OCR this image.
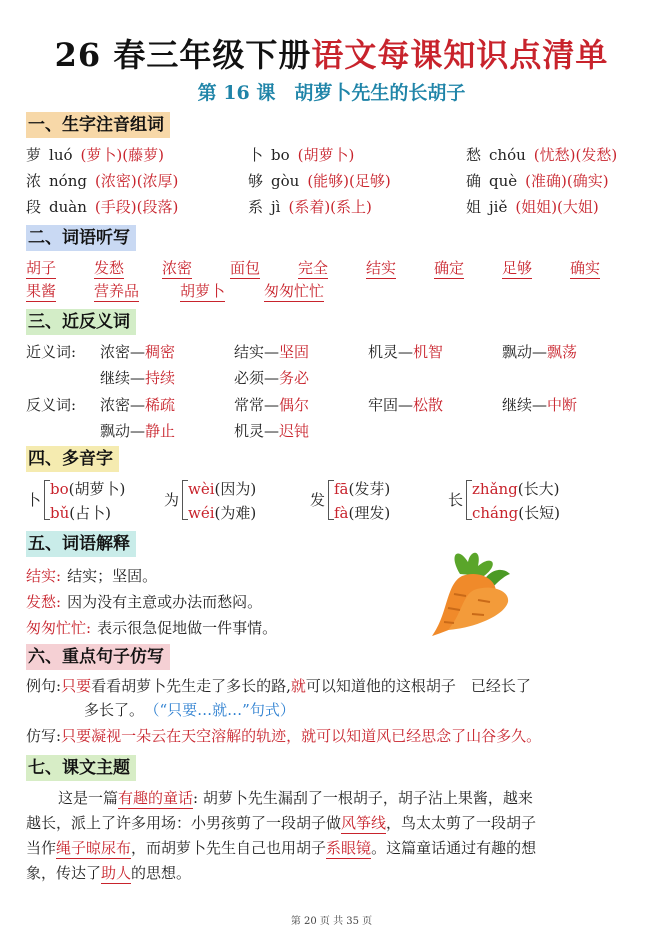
26 春三年级下册语文每课知识点清单
第 16 课　胡萝卜先生的长胡子
一、生字注音组词
二、词语听写
三、近反义词
近义词:
反义词:
四、多音字
五、词语解释
六、重点句子仿写
例句:只要看看胡萝卜先生走了多长的路,就可以知道他的这根胡子　已经长了
多长了。 （“只要…就…”句式）
仿写:只要凝视一朵云在天空溶解的轨迹，就可以知道风已经思念了山谷多久。
七、课文主题
这是一篇有趣的童话: 胡萝卜先生漏刮了一根胡子，胡子沾上果酱，越来
越长，派上了许多用场：小男孩剪了一段胡子做风筝线，鸟太太剪了一段胡子
当作绳子晾尿布，而胡萝卜先生自己也用胡子系眼镜。这篇童话通过有趣的想
象，传达了助人的思想。
第 20 页 共 35 页
萝 luó (萝卜)(藤萝)	卜 bo (胡萝卜)	愁 chóu (忧愁)(发愁)
浓 nóng (浓密)(浓厚)	够 gòu (能够)(足够)	确 què (准确)(确实)
段 duàn (手段)(段落)	系 jì (系着)(系上)	姐 jiě (姐姐)(大姐)
胡子	发愁	浓密	面包	完全	结实	确定	足够	确实
果酱	营养品	胡萝卜	匆匆忙忙
浓密—稠密	结实—坚固	机灵—机智	飘动—飘荡
继续—持续	必须—务必
浓密—稀疏	常常—偶尔	牢固—松散	继续—中断
飘动—静止	机灵—迟钝
卜
bo(胡萝卜)
bǔ(占卜)
为
wèi(因为)
wéi(为难)
发
fā(发芽)
fà(理发)
长
zhǎng(长大)
cháng(长短)
结实: 结实；坚固。
发愁: 因为没有主意或办法而愁闷。
匆匆忙忙: 表示很急促地做一件事情。
